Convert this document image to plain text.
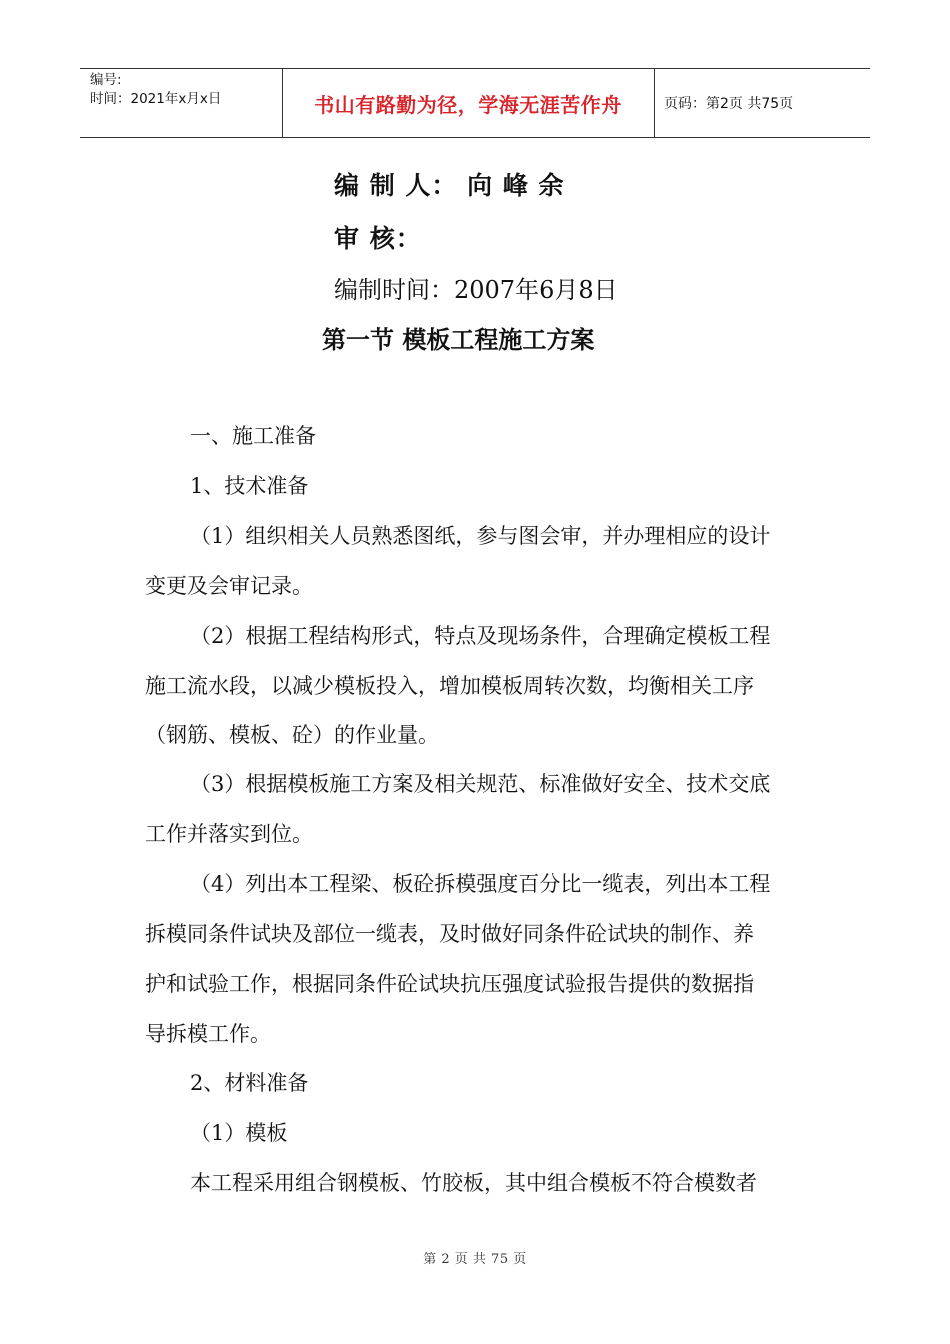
编号:
时间：2021年x月x日	书山有路勤为径，学海无涯苦作舟	页码：第2页 共75页
编 制 人： 向 峰 余
审 核：
编制时间：2007年6月8日
第一节 模板工程施工方案
一、施工准备
1、技术准备
（1）组织相关人员熟悉图纸，参与图会审，并办理相应的设计
变更及会审记录。
（2）根据工程结构形式，特点及现场条件，合理确定模板工程
施工流水段，以减少模板投入，增加模板周转次数，均衡相关工序
（钢筋、模板、砼）的作业量。
（3）根据模板施工方案及相关规范、标准做好安全、技术交底
工作并落实到位。
（4）列出本工程梁、板砼拆模强度百分比一缆表，列出本工程
拆模同条件试块及部位一缆表，及时做好同条件砼试块的制作、养
护和试验工作，根据同条件砼试块抗压强度试验报告提供的数据指
导拆模工作。
2、材料准备
（1）模板
本工程采用组合钢模板、竹胶板，其中组合模板不符合模数者
第 2 页 共 75 页
